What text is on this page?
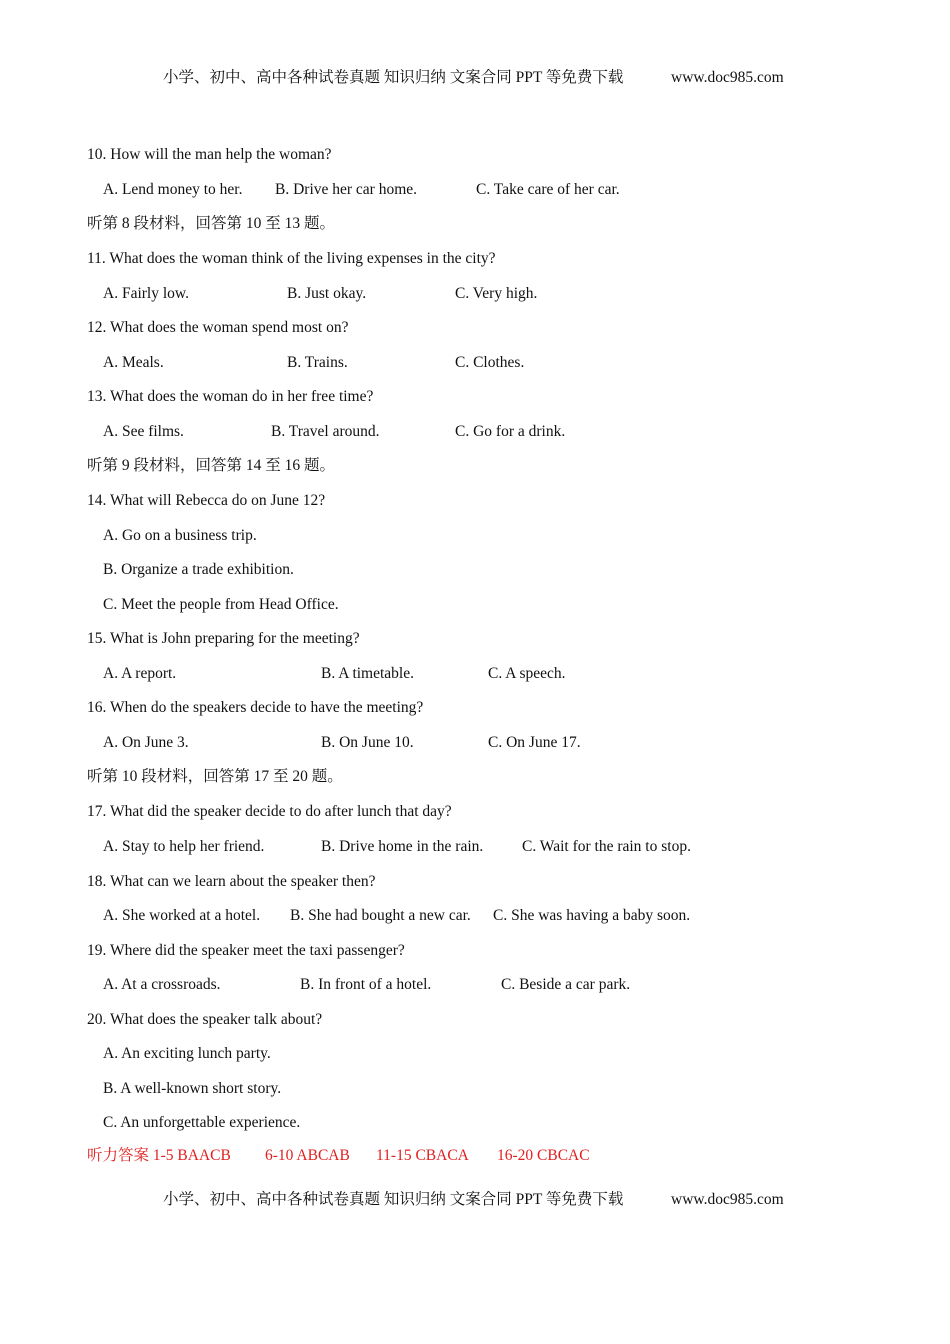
小学、初中、高中各种试卷真题 知识归纳 文案合同 PPT 等免费下载	www.doc985.com
10. How will the man help the woman?
A. Lend money to her. B. Drive her car home.	C. Take care of her car.
听第 8 段材料，回答第 10 至 13 题。
11. What does the woman think of the living expenses in the city?
A. Fairly low.	B. Just okay.	C. Very high.
12. What does the woman spend most on?
A. Meals.	B. Trains.	C. Clothes.
13. What does the woman do in her free time?
A. See films.	B. Travel around.	C. Go for a drink.
听第 9 段材料，回答第 14 至 16 题。
14. What will Rebecca do on June 12?
A. Go on a business trip.
B. Organize a trade exhibition.
C. Meet the people from Head Office.
15. What is John preparing for the meeting?
A. A report.	B. A timetable.	C. A speech.
16. When do the speakers decide to have the meeting?
A. On June 3.	B. On June 10.	C. On June 17.
听第 10 段材料，回答第 17 至 20 题。
17. What did the speaker decide to do after lunch that day?
A. Stay to help her friend.	B. Drive home in the rain. C. Wait for the rain to stop.
18. What can we learn about the speaker then?
A. She worked at a hotel. B. She had bought a new car. C. She was having a baby soon.
19. Where did the speaker meet the taxi passenger?
A. At a crossroads.	B. In front of a hotel.	C. Beside a car park.
20. What does the speaker talk about?
A. An exciting lunch party.
B. A well-known short story.
C. An unforgettable experience.
听力答案 1-5 BAACB 6-10 ABCAB 11-15 CBACA 16-20 CBCAC
小学、初中、高中各种试卷真题 知识归纳 文案合同 PPT 等免费下载	www.doc985.com
